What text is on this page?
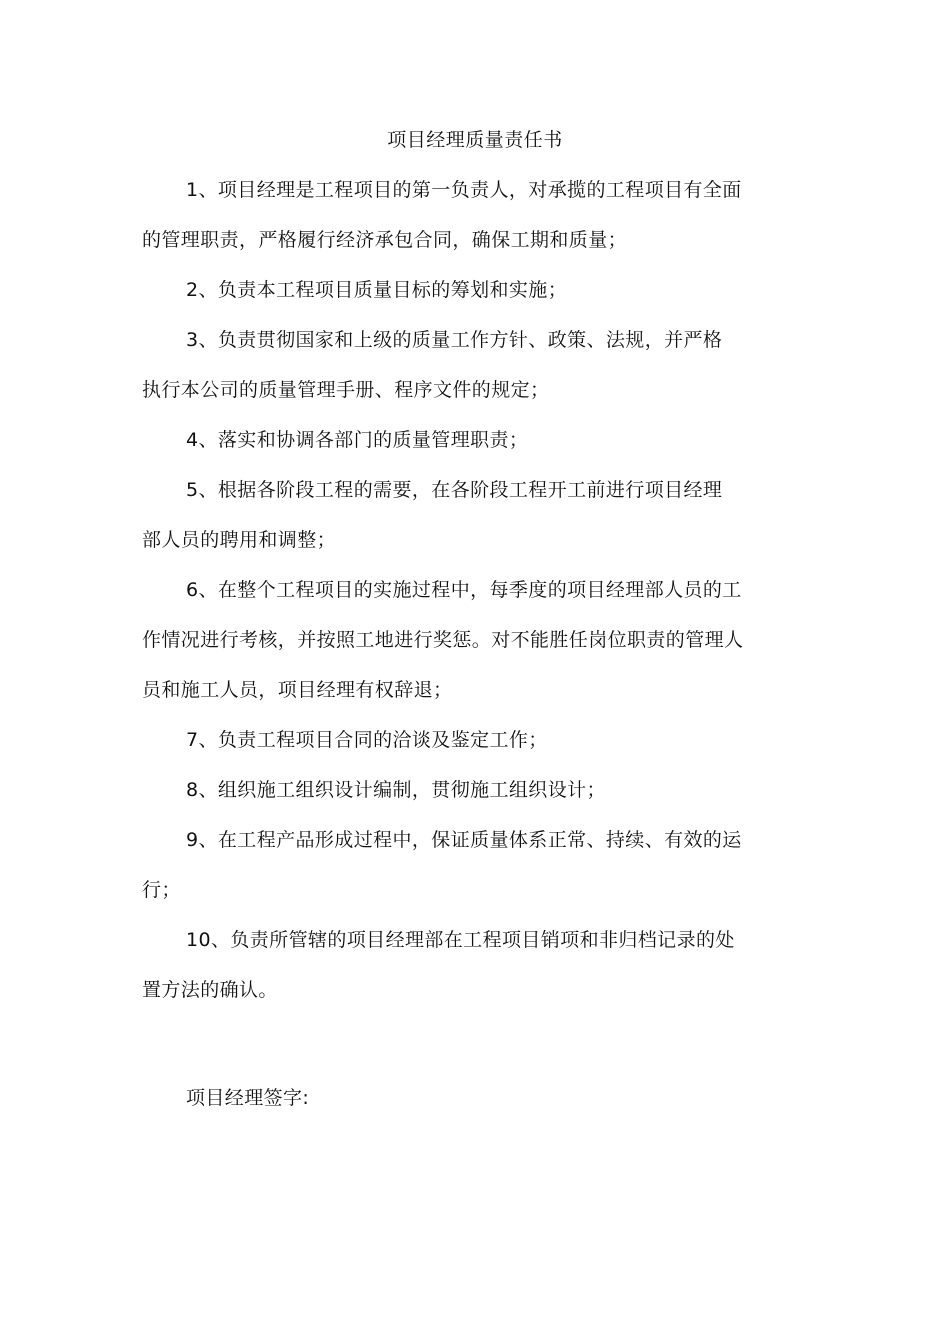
项目经理质量责任书
1、项目经理是工程项目的第一负责人，对承揽的工程项目有全面
的管理职责，严格履行经济承包合同，确保工期和质量；
2、负责本工程项目质量目标的筹划和实施；
3、负责贯彻国家和上级的质量工作方针、政策、法规，并严格
执行本公司的质量管理手册、程序文件的规定；
4、落实和协调各部门的质量管理职责；
5、根据各阶段工程的需要，在各阶段工程开工前进行项目经理
部人员的聘用和调整；
6、在整个工程项目的实施过程中，每季度的项目经理部人员的工
作情况进行考核，并按照工地进行奖惩。对不能胜任岗位职责的管理人
员和施工人员，项目经理有权辞退；
7、负责工程项目合同的洽谈及鉴定工作；
8、组织施工组织设计编制，贯彻施工组织设计；
9、在工程产品形成过程中，保证质量体系正常、持续、有效的运
行；
10、负责所管辖的项目经理部在工程项目销项和非归档记录的处
置方法的确认。
项目经理签字:
